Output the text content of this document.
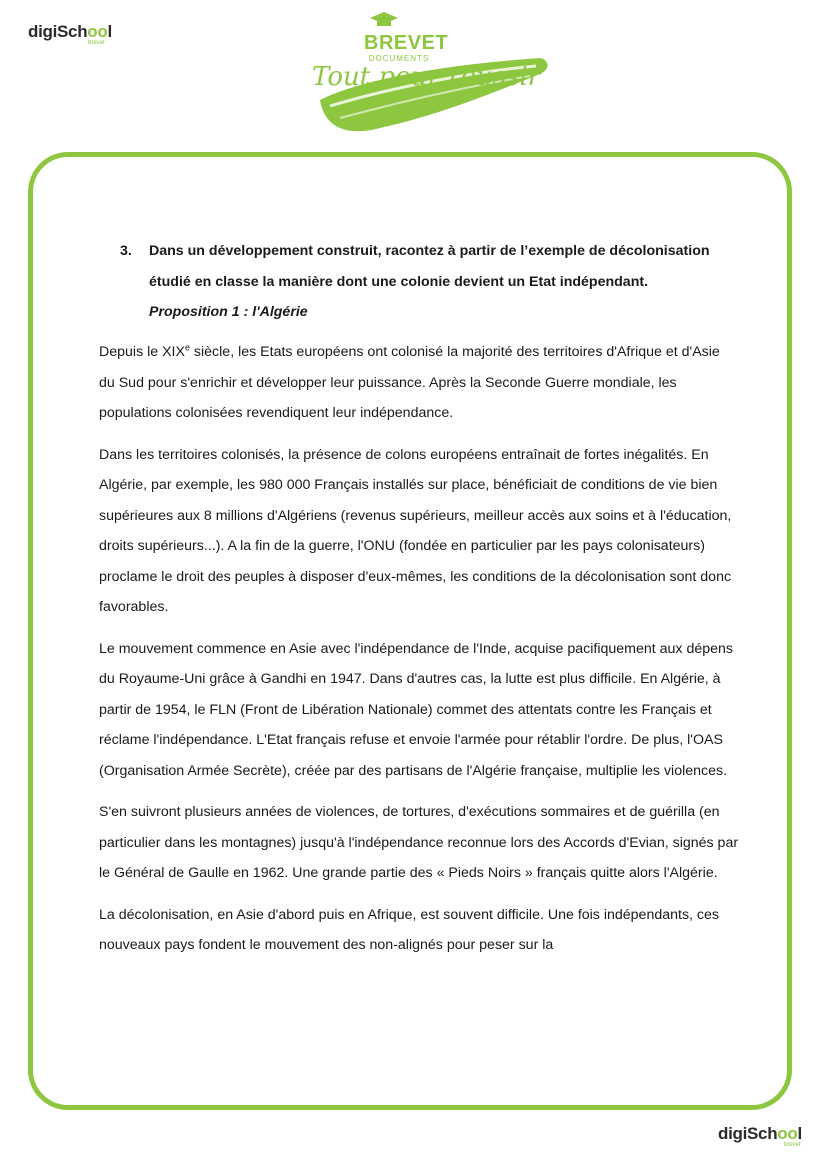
digiSchool
brevet	BREVET
DOCUMENTS
Tout pour réussir
3. Dans un développement construit, racontez à partir de l’exemple de décolonisation étudié en classe la manière dont une colonie devient un Etat indépendant.
Proposition 1 : l'Algérie

Depuis le XIXe siècle, les Etats européens ont colonisé la majorité des territoires d'Afrique et d'Asie du Sud pour s'enrichir et développer leur puissance. Après la Seconde Guerre mondiale, les populations colonisées revendiquent leur indépendance.

Dans les territoires colonisés, la présence de colons européens entraînait de fortes inégalités. En Algérie, par exemple, les 980 000 Français installés sur place, bénéficiait de conditions de vie bien supérieures aux 8 millions d'Algériens (revenus supérieurs, meilleur accès aux soins et à l'éducation, droits supérieurs...). A la fin de la guerre, l'ONU (fondée en particulier par les pays colonisateurs) proclame le droit des peuples à disposer d'eux-mêmes, les conditions de la décolonisation sont donc favorables.

Le mouvement commence en Asie avec l'indépendance de l'Inde, acquise pacifiquement aux dépens du Royaume-Uni grâce à Gandhi en 1947. Dans d'autres cas, la lutte est plus difficile. En Algérie, à partir de 1954, le FLN (Front de Libération Nationale) commet des attentats contre les Français et réclame l'indépendance. L'Etat français refuse et envoie l'armée pour rétablir l'ordre. De plus, l'OAS (Organisation Armée Secrète), créée par des partisans de l'Algérie française, multiplie les violences.

S'en suivront plusieurs années de violences, de tortures, d'exécutions sommaires et de guérilla (en particulier dans les montagnes) jusqu'à l'indépendance reconnue lors des Accords d'Evian, signés par le Général de Gaulle en 1962. Une grande partie des « Pieds Noirs » français quitte alors l'Algérie.

La décolonisation, en Asie d'abord puis en Afrique, est souvent difficile. Une fois indépendants, ces nouveaux pays fondent le mouvement des non-alignés pour peser sur la

digiSchool
brevet
